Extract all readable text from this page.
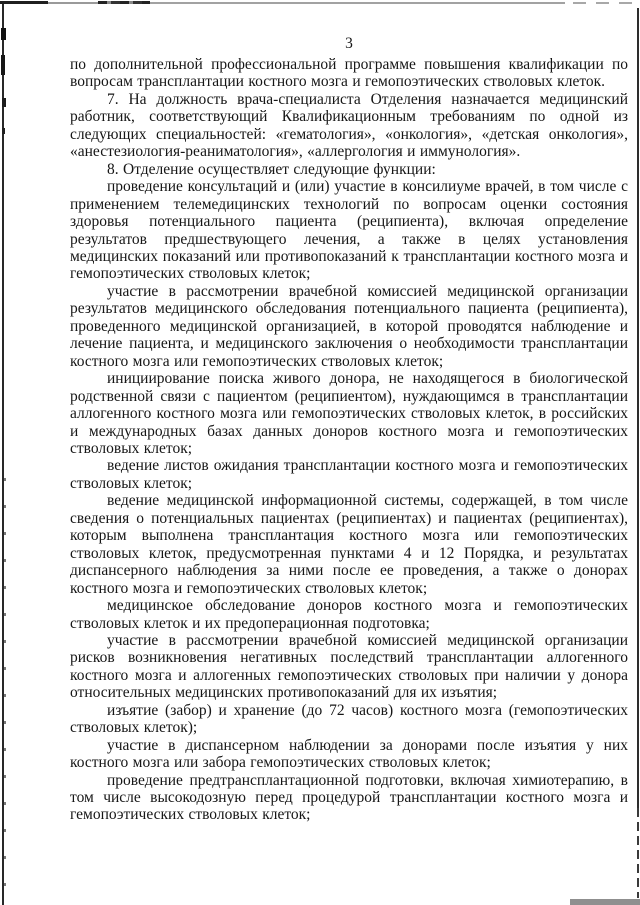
3

по дополнительной профессиональной программе повышения квалификации по вопросам трансплантации костного мозга и гемопоэтических стволовых клеток.

7. На должность врача-специалиста Отделения назначается медицинский работник, соответствующий Квалификационным требованиям по одной из следующих специальностей: «гематология», «онкология», «детская онкология», «анестезиология-реаниматология», «аллергология и иммунология».

8. Отделение осуществляет следующие функции:

проведение консультаций и (или) участие в консилиуме врачей, в том числе с применением телемедицинских технологий по вопросам оценки состояния здоровья потенциального пациента (реципиента), включая определение результатов предшествующего лечения, а также в целях установления медицинских показаний или противопоказаний к трансплантации костного мозга и гемопоэтических стволовых клеток;

участие в рассмотрении врачебной комиссией медицинской организации результатов медицинского обследования потенциального пациента (реципиента), проведенного медицинской организацией, в которой проводятся наблюдение и лечение пациента, и медицинского заключения о необходимости трансплантации костного мозга или гемопоэтических стволовых клеток;

инициирование поиска живого донора, не находящегося в биологической родственной связи с пациентом (реципиентом), нуждающимся в трансплантации аллогенного костного мозга или гемопоэтических стволовых клеток, в российских и международных базах данных доноров костного мозга и гемопоэтических стволовых клеток;

ведение листов ожидания трансплантации костного мозга и гемопоэтических стволовых клеток;

ведение медицинской информационной системы, содержащей, в том числе сведения о потенциальных пациентах (реципиентах) и пациентах (реципиентах), которым выполнена трансплантация костного мозга или гемопоэтических стволовых клеток, предусмотренная пунктами 4 и 12 Порядка, и результатах диспансерного наблюдения за ними после ее проведения, а также о донорах костного мозга и гемопоэтических стволовых клеток;

медицинское обследование доноров костного мозга и гемопоэтических стволовых клеток и их предоперационная подготовка;

участие в рассмотрении врачебной комиссией медицинской организации рисков возникновения негативных последствий трансплантации аллогенного костного мозга и аллогенных гемопоэтических стволовых при наличии у донора относительных медицинских противопоказаний для их изъятия;

изъятие (забор) и хранение (до 72 часов) костного мозга (гемопоэтических стволовых клеток);

участие в диспансерном наблюдении за донорами после изъятия у них костного мозга или забора гемопоэтических стволовых клеток;

проведение предтрансплантационной подготовки, включая химиотерапию, в том числе высокодозную перед процедурой трансплантации костного мозга и гемопоэтических стволовых клеток;
